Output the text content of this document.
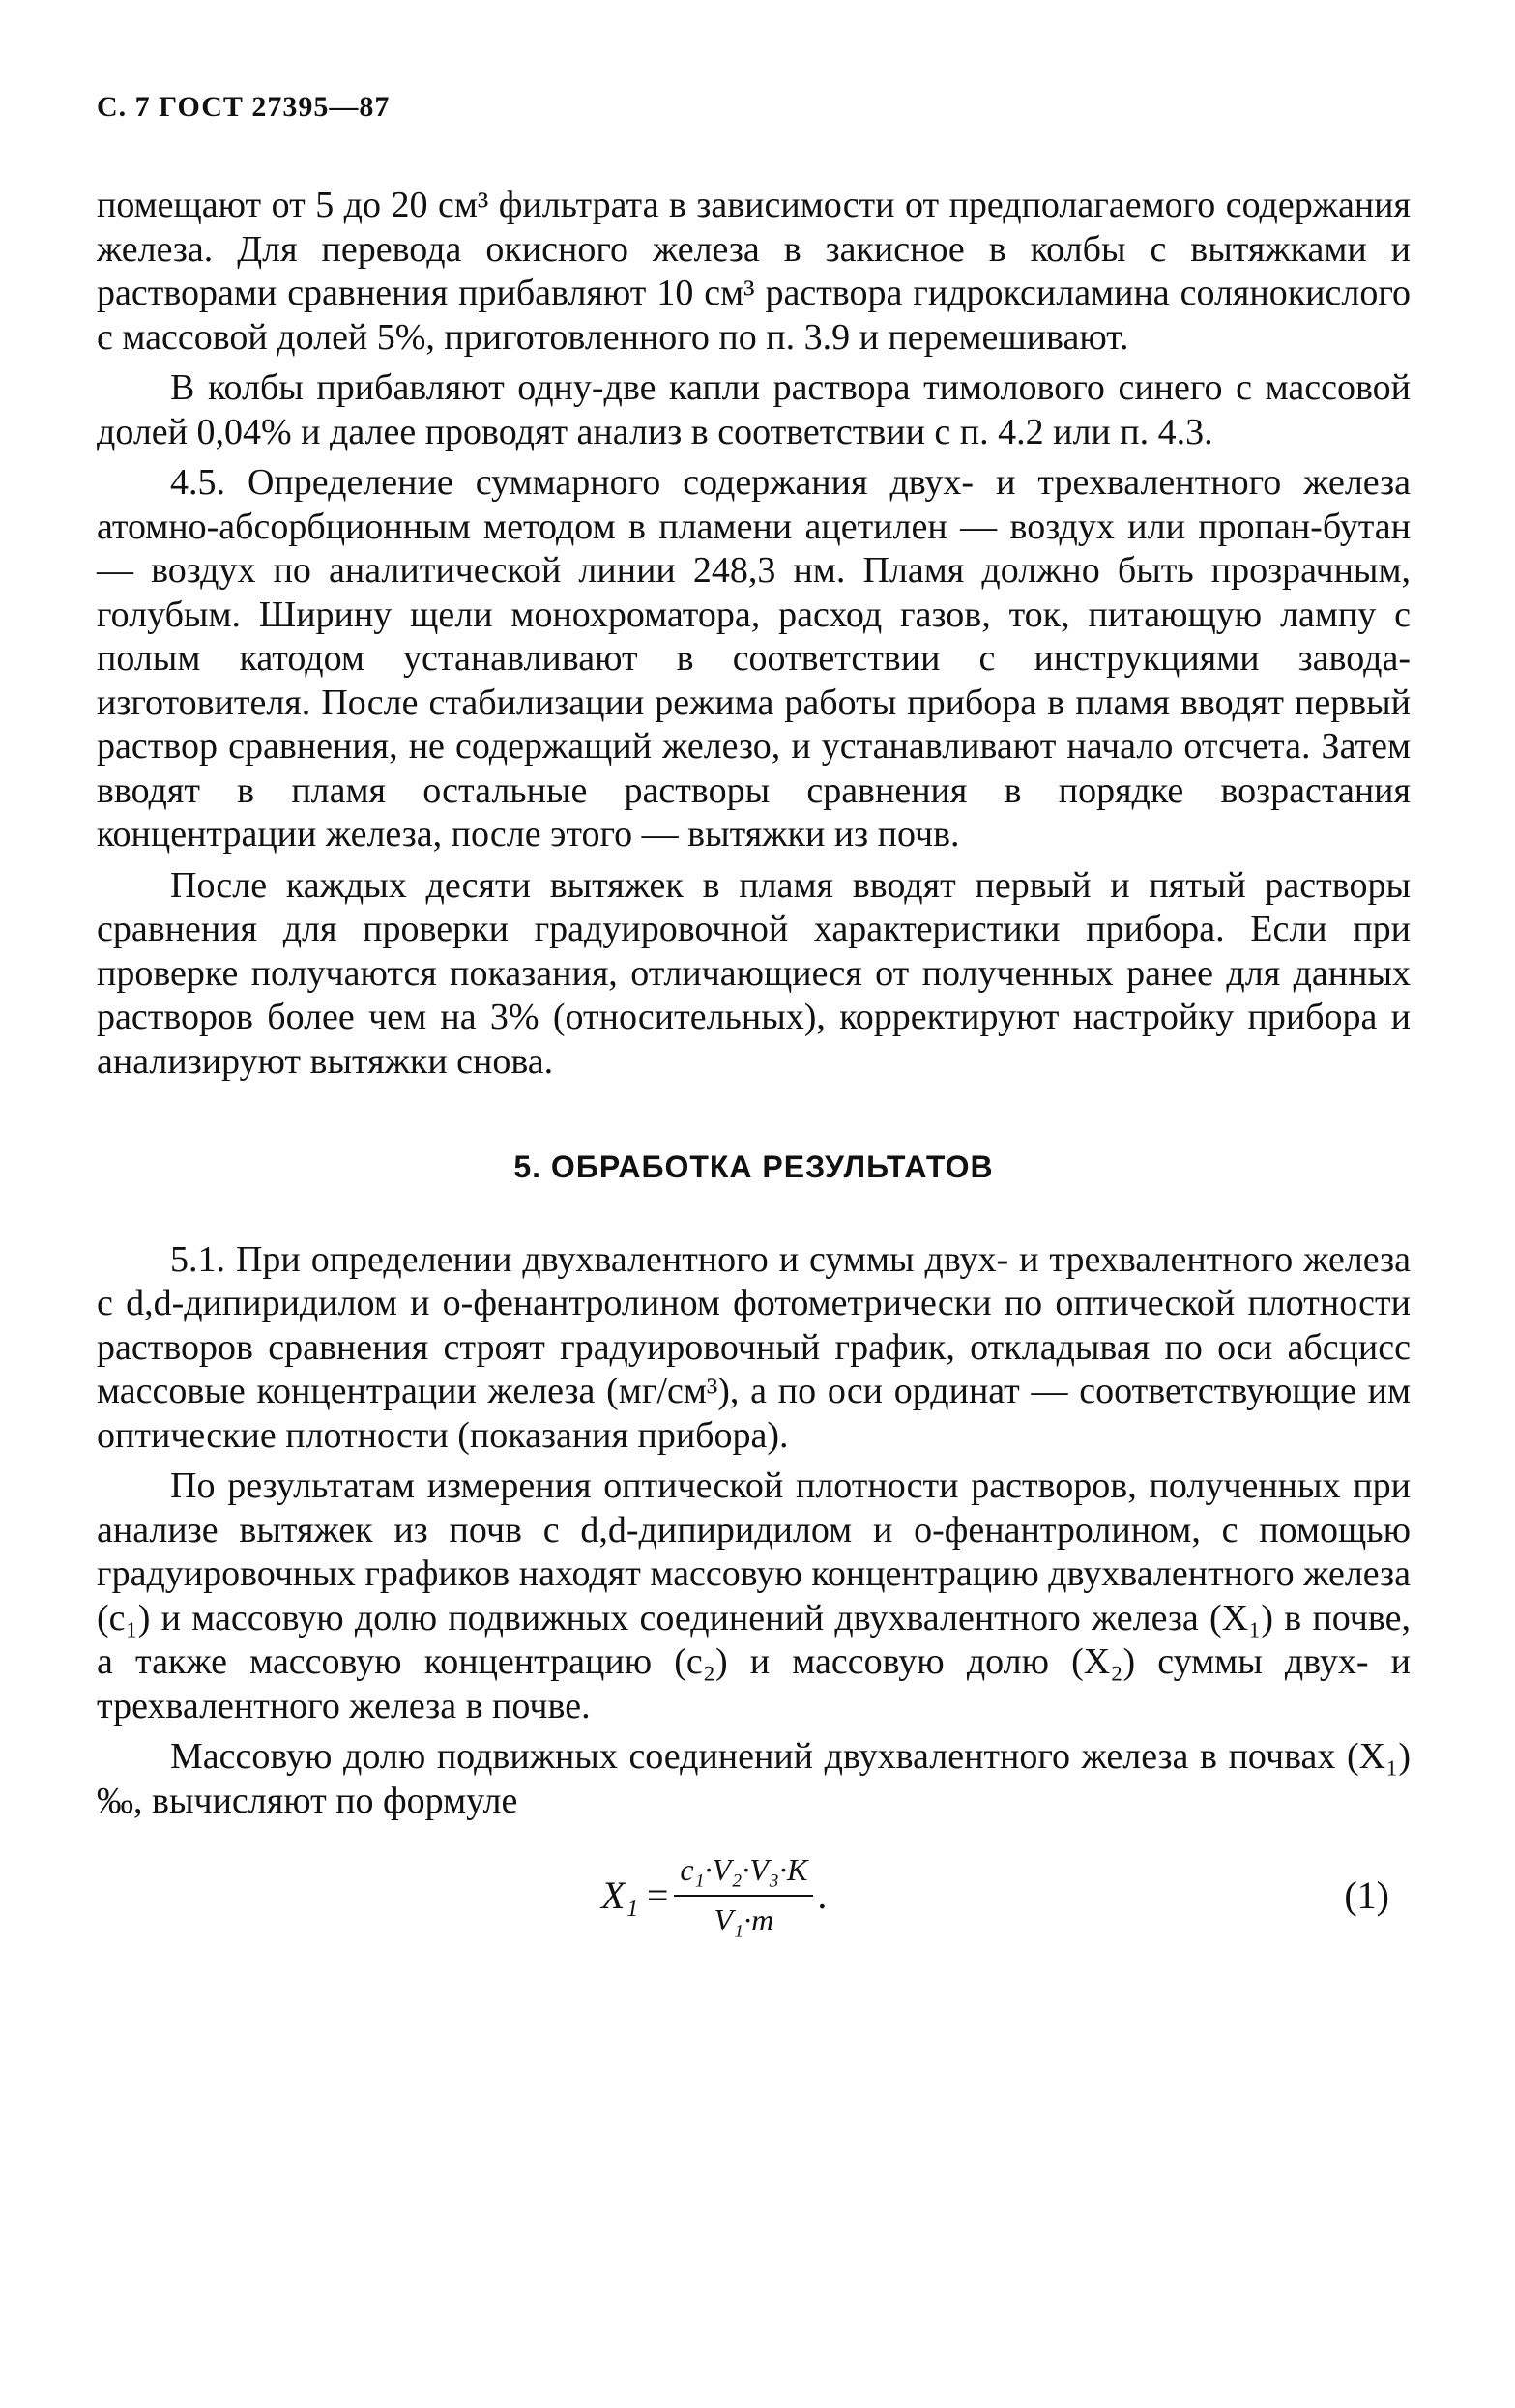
С. 7 ГОСТ 27395—87

помещают от 5 до 20 см³ фильтрата в зависимости от предполагаемого содержания железа. Для перевода окисного железа в закисное в колбы с вытяжками и растворами сравнения прибавляют 10 см³ раствора гидроксиламина солянокислого с массовой долей 5%, приготовленного по п. 3.9 и перемешивают.

В колбы прибавляют одну-две капли раствора тимолового синего с массовой долей 0,04% и далее проводят анализ в соответствии с п. 4.2 или п. 4.3.

4.5. Определение суммарного содержания двух- и трехвалентного железа атомно-абсорбционным методом в пламени ацетилен — воздух или пропан-бутан — воздух по аналитической линии 248,3 нм. Пламя должно быть прозрачным, голубым. Ширину щели монохроматора, расход газов, ток, питающую лампу с полым катодом устанавливают в соответствии с инструкциями завода-изготовителя. После стабилизации режима работы прибора в пламя вводят первый раствор сравнения, не содержащий железо, и устанавливают начало отсчета. Затем вводят в пламя остальные растворы сравнения в порядке возрастания концентрации железа, после этого — вытяжки из почв.

После каждых десяти вытяжек в пламя вводят первый и пятый растворы сравнения для проверки градуировочной характеристики прибора. Если при проверке получаются показания, отличающиеся от полученных ранее для данных растворов более чем на 3% (относительных), корректируют настройку прибора и анализируют вытяжки снова.

5. ОБРАБОТКА РЕЗУЛЬТАТОВ

5.1. При определении двухвалентного и суммы двух- и трехвалентного железа с d,d-дипиридилом и о-фенантролином фотометрически по оптической плотности растворов сравнения строят градуировочный график, откладывая по оси абсцисс массовые концентрации железа (мг/см³), а по оси ординат — соответствующие им оптические плотности (показания прибора).

По результатам измерения оптической плотности растворов, полученных при анализе вытяжек из почв с d,d-дипиридилом и о-фенантролином, с помощью градуировочных графиков находят массовую концентрацию двухвалентного железа (c₁) и массовую долю подвижных соединений двухвалентного железа (X₁) в почве, а также массовую концентрацию (c₂) и массовую долю (X₂) суммы двух- и трехвалентного железа в почве.

Массовую долю подвижных соединений двухвалентного железа в почвах (X₁) ‰, вычисляют по формуле

$X_1 = \frac{\text{c₁·V₂·V₃·K}}{\text{V₁·m}}$ .	(1)
